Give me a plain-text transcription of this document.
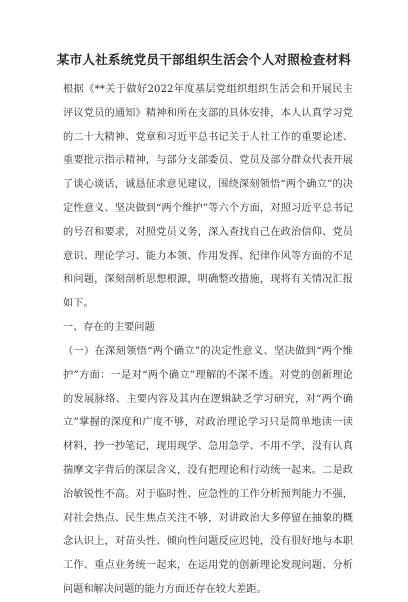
某市人社系统党员干部组织生活会个人对照检查材料

根据《**关于做好2022年度基层党组织组织生活会和开展民主评议党员的通知》精神和所在支部的具体安排，本人认真学习党的二十大精神、党章和习近平总书记关于人社工作的重要论述、重要批示指示精神，与部分支部委员、党员及部分群众代表开展了谈心谈话，诚恳征求意见建议，围绕深刻领悟“两个确立”的决定性意义、坚决做到“两个维护”等六个方面，对照习近平总书记的号召和要求，对照党员义务，深入查找自己在政治信仰、党员意识、理论学习、能力本领、作用发挥、纪律作风等方面的不足和问题，深刻剖析思想根源，明确整改措施，现将有关情况汇报如下。

一、存在的主要问题

（一）在深刻领悟“两个确立”的决定性意义、坚决做到“两个维护”方面：一是对“两个确立”理解的不深不透。对党的创新理论的发展脉络、主要内容及其内在逻辑缺乏学习研究，对“两个确立”掌握的深度和广度不够，对政治理论学习只是简单地读一读材料，抄一抄笔记，现用现学、急用急学、不用不学，没有认真揣摩文字背后的深层含义，没有把理论和行动统一起来。二是政治敏锐性不高。对于临时性、应急性的工作分析预判能力不强，对社会热点、民生焦点关注不够，对讲政治大多停留在抽象的概念认识上，对苗头性、倾向性问题反应迟钝，没有很好地与本职工作、重点业务统一起来，在运用党的创新理论发现问题、分析问题和解决问题的能力方面还存在较大差距。
